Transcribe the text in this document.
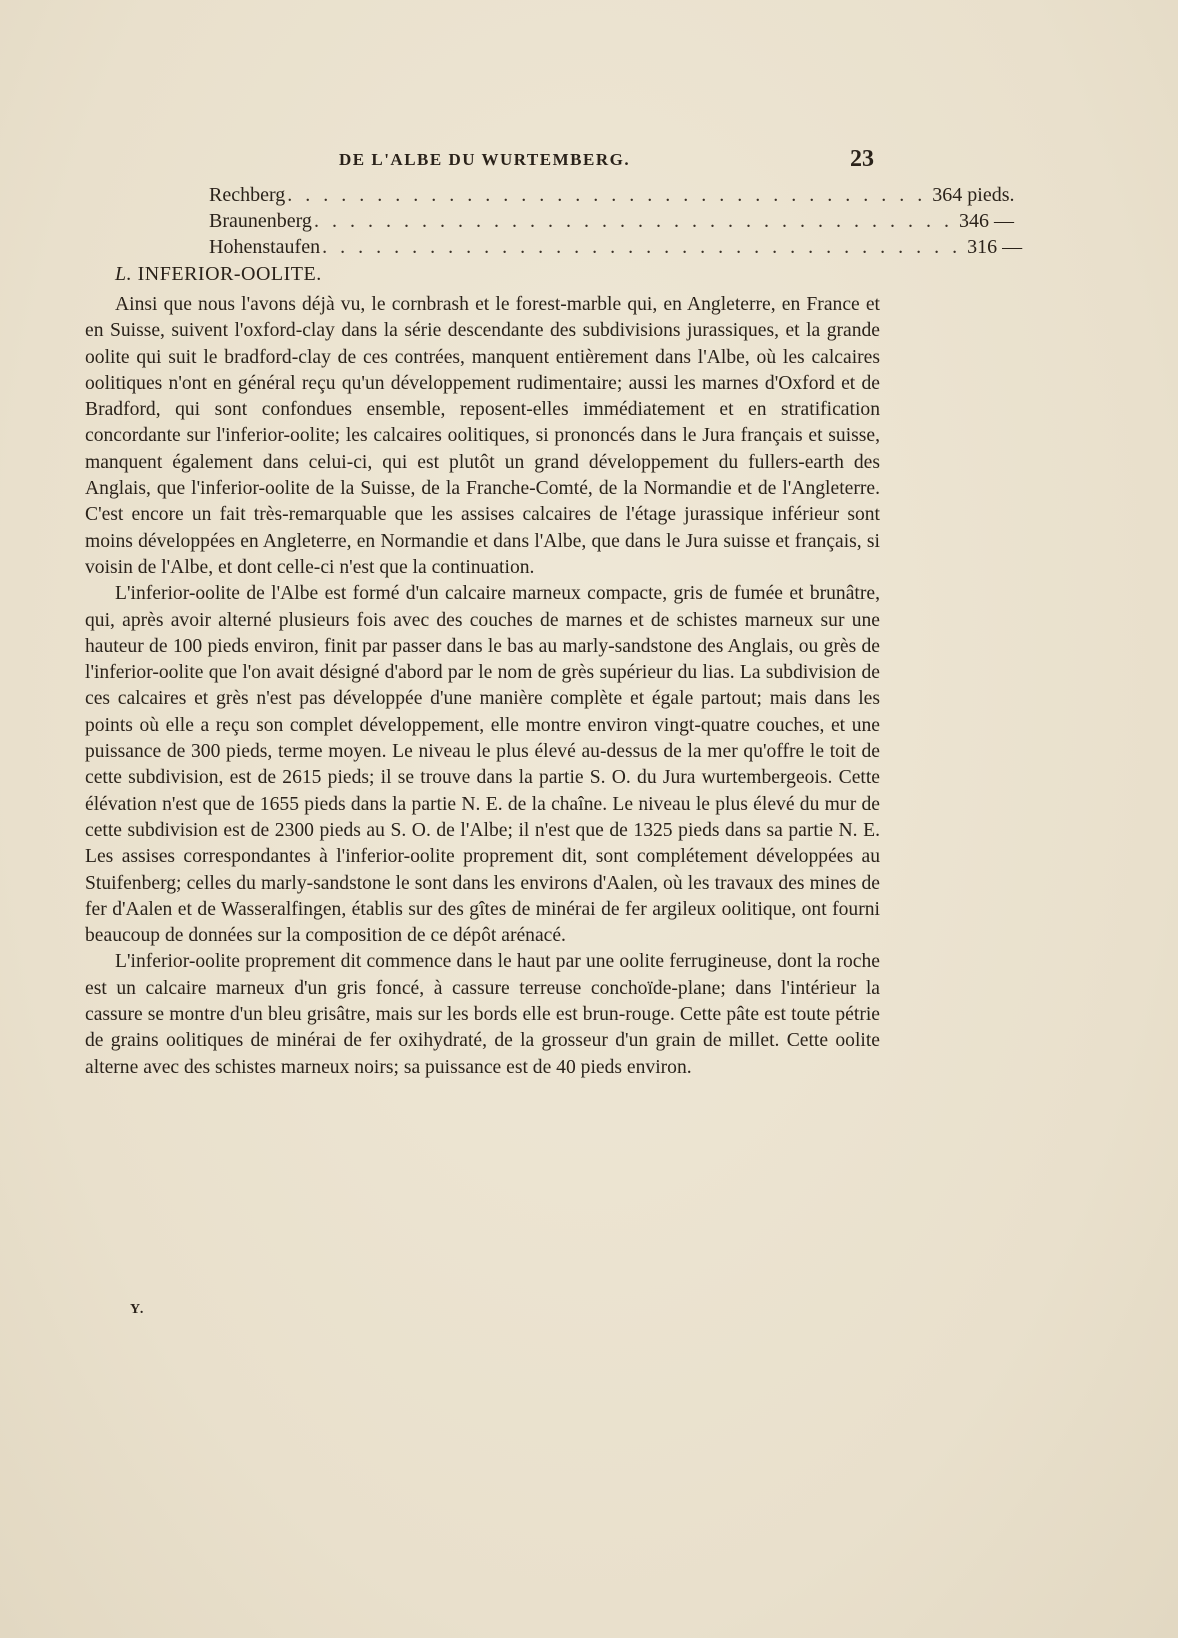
DE L'ALBE DU WURTEMBERG.	23
Rechberg . . . . . . . . . . . . . . . . . . . . . . . . . . . . . . . . . . . . 364 pieds.
Braunenberg . . . . . . . . . . . . . . . . . . . . . . . . . . . . . . . . . . . . 346 —
Hohenstaufen . . . . . . . . . . . . . . . . . . . . . . . . . . . . . . . . . . . . 316 —
L. INFERIOR-OOLITE.

Ainsi que nous l'avons déjà vu, le cornbrash et le forest-marble qui, en Angleterre, en France et en Suisse, suivent l'oxford-clay dans la série descendante des subdivisions jurassiques, et la grande oolite qui suit le bradford-clay de ces contrées, manquent entièrement dans l'Albe, où les calcaires oolitiques n'ont en général reçu qu'un développement rudimentaire; aussi les marnes d'Oxford et de Bradford, qui sont confondues ensemble, reposent-elles immédiatement et en stratification concordante sur l'inferior-oolite; les calcaires oolitiques, si prononcés dans le Jura français et suisse, manquent également dans celui-ci, qui est plutôt un grand développement du fullers-earth des Anglais, que l'inferior-oolite de la Suisse, de la Franche-Comté, de la Normandie et de l'Angleterre. C'est encore un fait très-remarquable que les assises calcaires de l'étage jurassique inférieur sont moins développées en Angleterre, en Normandie et dans l'Albe, que dans le Jura suisse et français, si voisin de l'Albe, et dont celle-ci n'est que la continuation.

L'inferior-oolite de l'Albe est formé d'un calcaire marneux compacte, gris de fumée et brunâtre, qui, après avoir alterné plusieurs fois avec des couches de marnes et de schistes marneux sur une hauteur de 100 pieds environ, finit par passer dans le bas au marly-sandstone des Anglais, ou grès de l'inferior-oolite que l'on avait désigné d'abord par le nom de grès supérieur du lias. La subdivision de ces calcaires et grès n'est pas développée d'une manière complète et égale partout; mais dans les points où elle a reçu son complet développement, elle montre environ vingt-quatre couches, et une puissance de 300 pieds, terme moyen. Le niveau le plus élevé au-dessus de la mer qu'offre le toit de cette subdivision, est de 2615 pieds; il se trouve dans la partie S. O. du Jura wurtembergeois. Cette élévation n'est que de 1655 pieds dans la partie N. E. de la chaîne. Le niveau le plus élevé du mur de cette subdivision est de 2300 pieds au S. O. de l'Albe; il n'est que de 1325 pieds dans sa partie N. E. Les assises correspondantes à l'inferior-oolite proprement dit, sont complétement développées au Stuifenberg; celles du marly-sandstone le sont dans les environs d'Aalen, où les travaux des mines de fer d'Aalen et de Wasseralfingen, établis sur des gîtes de minérai de fer argileux oolitique, ont fourni beaucoup de données sur la composition de ce dépôt arénacé.

L'inferior-oolite proprement dit commence dans le haut par une oolite ferrugineuse, dont la roche est un calcaire marneux d'un gris foncé, à cassure terreuse conchoïde-plane; dans l'intérieur la cassure se montre d'un bleu grisâtre, mais sur les bords elle est brun-rouge. Cette pâte est toute pétrie de grains oolitiques de minérai de fer oxihydraté, de la grosseur d'un grain de millet. Cette oolite alterne avec des schistes marneux noirs; sa puissance est de 40 pieds environ.

Y.
